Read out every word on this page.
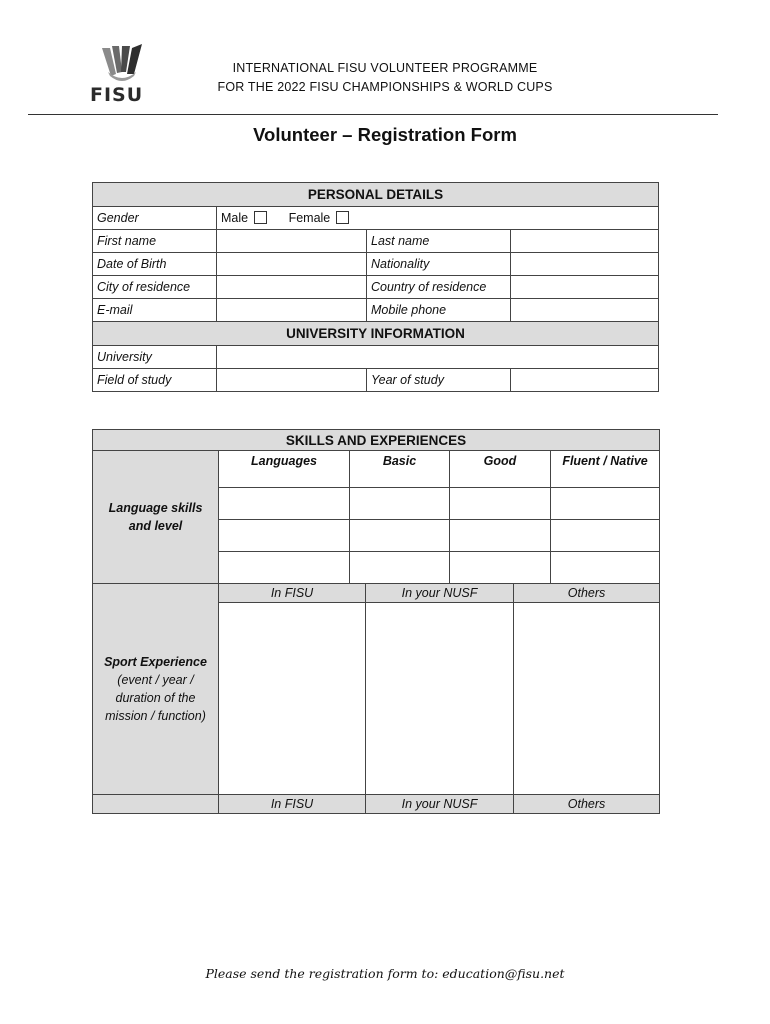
FISU
INTERNATIONAL FISU VOLUNTEER PROGRAMME
FOR THE 2022 FISU CHAMPIONSHIPS & WORLD CUPS
Volunteer – Registration Form
PERSONAL DETAILS			
Gender	Male Female		
First name		Last name	
Date of Birth		Nationality	
City of residence		Country of residence	
E-mail		Mobile phone	
UNIVERSITY INFORMATION			
University			
Field of study		Year of study	
SKILLS AND EXPERIENCES						
Language skills and level	Languages	Basic		Good		Fluent / Native

Sport Experience
(event / year / duration of the mission / function)	In FISU		In your NUSF		Others	

	In FISU		In your NUSF		Others	
Please send the registration form to: education@fisu.net
